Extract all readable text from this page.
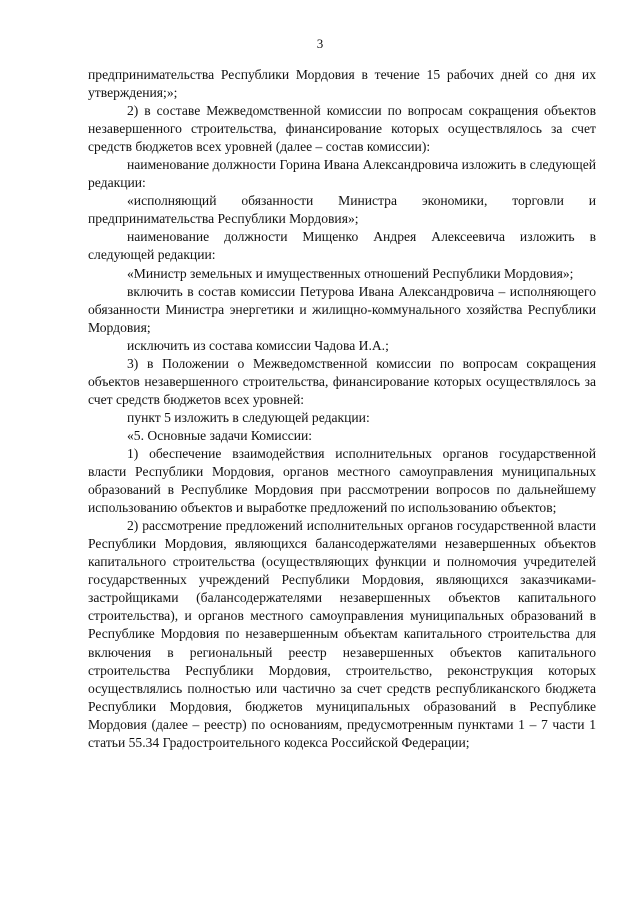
3

предпринимательства Республики Мордовия в течение 15 рабочих дней со дня их утверждения;»;

2) в составе Межведомственной комиссии по вопросам сокращения объектов незавершенного строительства, финансирование которых осуществлялось за счет средств бюджетов всех уровней (далее – состав комиссии):

наименование должности Горина Ивана Александровича изложить в следующей редакции:

«исполняющий обязанности Министра экономики, торговли и предпринимательства Республики Мордовия»;

наименование должности Мищенко Андрея Алексеевича изложить в следующей редакции:

«Министр земельных и имущественных отношений Республики Мордовия»;

включить в состав комиссии Петурова Ивана Александровича – исполняющего обязанности Министра энергетики и жилищно-коммунального хозяйства Республики Мордовия;

исключить из состава комиссии Чадова И.А.;

3) в Положении о Межведомственной комиссии по вопросам сокращения объектов незавершенного строительства, финансирование которых осуществлялось за счет средств бюджетов всех уровней:

пункт 5 изложить в следующей редакции:

«5. Основные задачи Комиссии:

1) обеспечение взаимодействия исполнительных органов государственной власти Республики Мордовия, органов местного самоуправления муниципальных образований в Республике Мордовия при рассмотрении вопросов по дальнейшему использованию объектов и выработке предложений по использованию объектов;

2) рассмотрение предложений исполнительных органов государственной власти Республики Мордовия, являющихся балансодержателями незавершенных объектов капитального строительства (осуществляющих функции и полномочия учредителей государственных учреждений Республики Мордовия, являющихся заказчиками-застройщиками (балансодержателями незавершенных объектов капитального строительства), и органов местного самоуправления муниципальных образований в Республике Мордовия по незавершенным объектам капитального строительства для включения в региональный реестр незавершенных объектов капитального строительства Республики Мордовия, строительство, реконструкция которых осуществлялись полностью или частично за счет средств республиканского бюджета Республики Мордовия, бюджетов муниципальных образований в Республике Мордовия (далее – реестр) по основаниям, предусмотренным пунктами 1 – 7 части 1 статьи 55.34 Градостроительного кодекса Российской Федерации;
